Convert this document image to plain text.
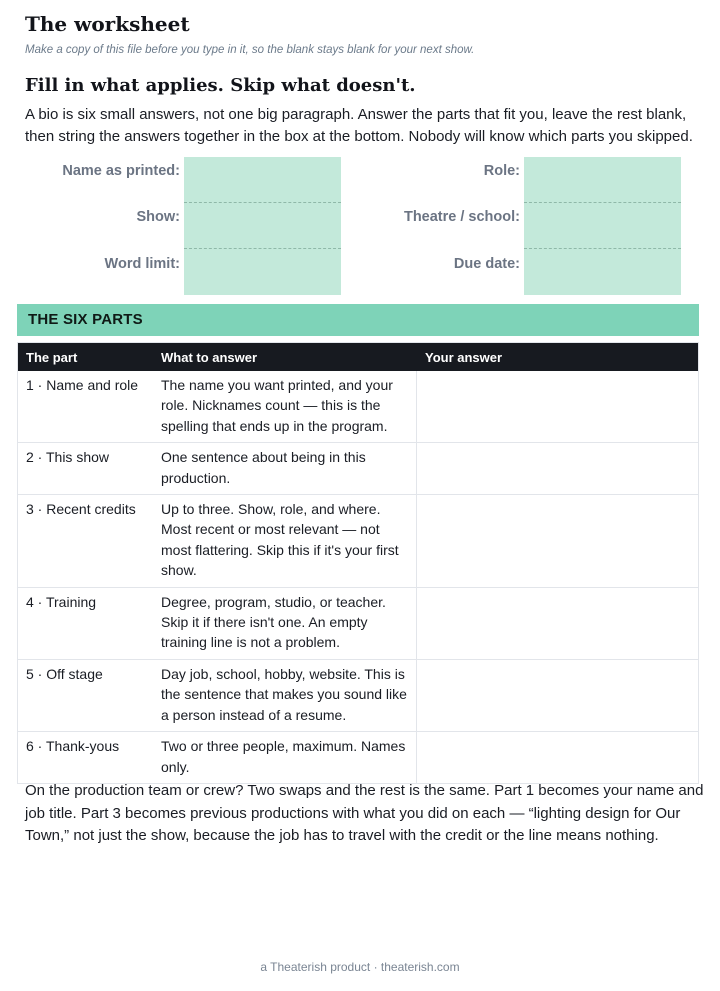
The worksheet
Make a copy of this file before you type in it, so the blank stays blank for your next show.
Fill in what applies. Skip what doesn't.

A bio is six small answers, not one big paragraph. Answer the parts that fit you, leave the rest blank, then string the answers together in the box at the bottom. Nobody will know which parts you skipped.

Name as printed:
Show:
Word limit:
Role:
Theatre / school:
Due date:
THE SIX PARTS
The part	What to answer	Your answer
1 · Name and role	The name you want printed, and your role. Nicknames count — this is the spelling that ends up in the program.
2 · This show	One sentence about being in this production.
3 · Recent credits	Up to three. Show, role, and where. Most recent or most relevant — not most flattering. Skip this if it's your first show.
4 · Training	Degree, program, studio, or teacher. Skip it if there isn't one. An empty training line is not a problem.
5 · Off stage	Day job, school, hobby, website. This is the sentence that makes you sound like a person instead of a resume.
6 · Thank-yous	Two or three people, maximum. Names only.

On the production team or crew? Two swaps and the rest is the same. Part 1 becomes your name and job title. Part 3 becomes previous productions with what you did on each — “lighting design for Our Town,” not just the show, because the job has to travel with the credit or the line means nothing.

a Theaterish product · theaterish.com
